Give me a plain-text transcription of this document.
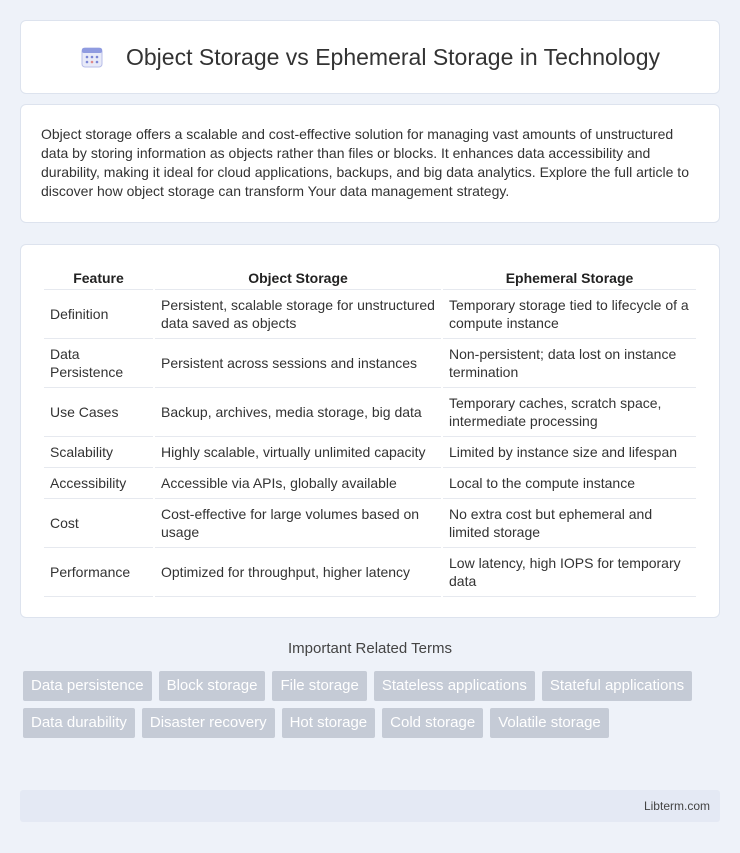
Object Storage vs Ephemeral Storage in Technology

Object storage offers a scalable and cost-effective solution for managing vast amounts of unstructured data by storing information as objects rather than files or blocks. It enhances data accessibility and durability, making it ideal for cloud applications, backups, and big data analytics. Explore the full article to discover how object storage can transform Your data management strategy.

Feature	Object Storage	Ephemeral Storage
Definition	Persistent, scalable storage for unstructured data saved as objects	Temporary storage tied to lifecycle of a compute instance
Data Persistence	Persistent across sessions and instances	Non-persistent; data lost on instance termination
Use Cases	Backup, archives, media storage, big data	Temporary caches, scratch space, intermediate processing
Scalability	Highly scalable, virtually unlimited capacity	Limited by instance size and lifespan
Accessibility	Accessible via APIs, globally available	Local to the compute instance
Cost	Cost-effective for large volumes based on usage	No extra cost but ephemeral and limited storage
Performance	Optimized for throughput, higher latency	Low latency, high IOPS for temporary data
Important Related Terms
Data persistence	Block storage	File storage	Stateless applications	Stateful applications
Data durability	Disaster recovery	Hot storage	Cold storage	Volatile storage
Libterm.com
